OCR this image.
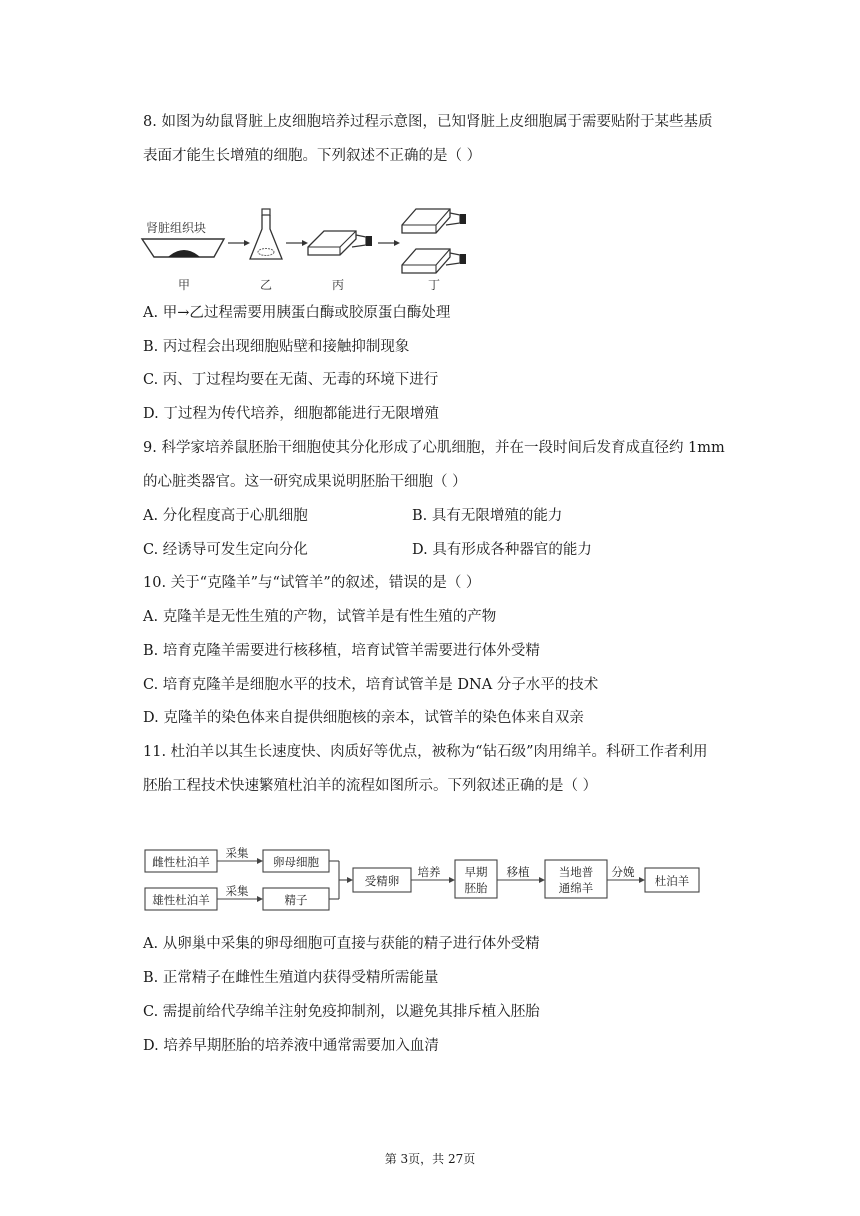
8. 如图为幼鼠肾脏上皮细胞培养过程示意图，已知肾脏上皮细胞属于需要贴附于某些基质
表面才能生长增殖的细胞。下列叙述不正确的是（ ）
肾脏组织块
甲	乙	丙	丁
A. 甲→乙过程需要用胰蛋白酶或胶原蛋白酶处理
B. 丙过程会出现细胞贴壁和接触抑制现象
C. 丙、丁过程均要在无菌、无毒的环境下进行
D. 丁过程为传代培养，细胞都能进行无限增殖
9. 科学家培养鼠胚胎干细胞使其分化形成了心肌细胞，并在一段时间后发育成直径约 1mm
的心脏类器官。这一研究成果说明胚胎干细胞（ ）
A. 分化程度高于心肌细胞	B. 具有无限增殖的能力
C. 经诱导可发生定向分化	D. 具有形成各种器官的能力
10. 关于“克隆羊”与“试管羊”的叙述，错误的是（ ）
A. 克隆羊是无性生殖的产物，试管羊是有性生殖的产物
B. 培育克隆羊需要进行核移植，培育试管羊需要进行体外受精
C. 培育克隆羊是细胞水平的技术，培育试管羊是 DNA 分子水平的技术
D. 克隆羊的染色体来自提供细胞核的亲本，试管羊的染色体来自双亲
11. 杜泊羊以其生长速度快、肉质好等优点，被称为“钻石级”肉用绵羊。科研工作者利用
胚胎工程技术快速繁殖杜泊羊的流程如图所示。下列叙述正确的是（ ）
雌性杜泊羊
雄性杜泊羊
采集
采集
卵母细胞
精子
受精卵
培养 早期
胚胎
移植	当地普
通绵羊
分娩
杜泊羊
A. 从卵巢中采集的卵母细胞可直接与获能的精子进行体外受精
B. 正常精子在雌性生殖道内获得受精所需能量
C. 需提前给代孕绵羊注射免疫抑制剂，以避免其排斥植入胚胎
D. 培养早期胚胎的培养液中通常需要加入血清
第 3页，共 27页
